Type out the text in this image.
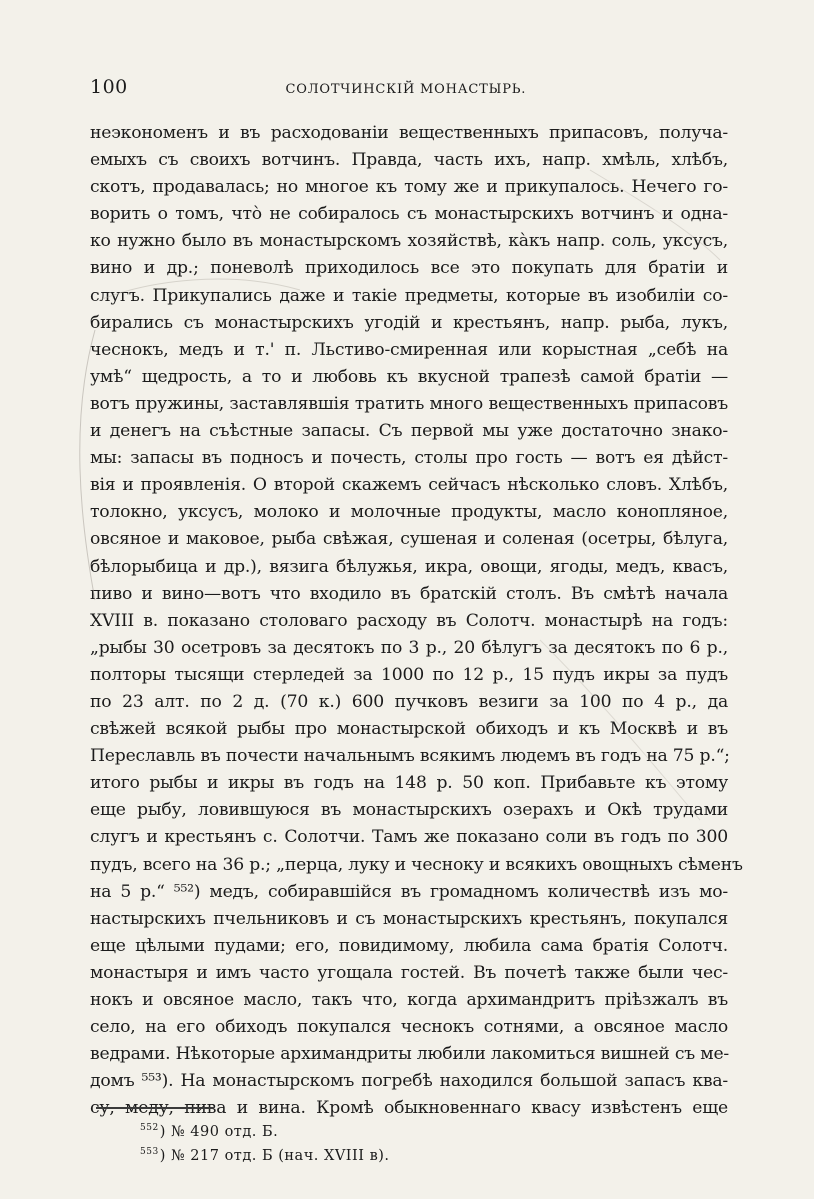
100	СОЛОТЧИНСКІЙ МОНАСТЫРЬ.
неэкономенъ и въ расходованіи вещественныхъ припасовъ, получа-
емыхъ съ своихъ вотчинъ. Правда, часть ихъ, напр. хмѣль, хлѣбъ,
скотъ, продавалась; но многое къ тому же и прикупалось. Нечего го-
ворить о томъ, что̀ не собиралось съ монастырскихъ вотчинъ и одна-
ко нужно было въ монастырскомъ хозяйствѣ, ка̀къ напр. соль, уксусъ,
вино и др.; поневолѣ приходилось все это покупать для братіи и
слугъ. Прикупались даже и такіе предметы, которые въ изобиліи со-
бирались съ монастырскихъ угодій и крестьянъ, напр. рыба, лукъ,
чеснокъ, медъ и т.' п. Льстиво-смиренная или корыстная „себѣ на
умѣ“ щедрость, а то и любовь къ вкусной трапезѣ самой братіи —
вотъ пружины, заставлявшія тратить много вещественныхъ припасовъ
и денегъ на съѣстные запасы. Съ первой мы уже достаточно знако-
мы: запасы въ подносъ и почесть, столы про гость — вотъ ея дѣйст-
вія и проявленія. О второй скажемъ сейчасъ нѣсколько словъ. Хлѣбъ,
толокно, уксусъ, молоко и молочные продукты, масло конопляное,
овсяное и маковое, рыба свѣжая, сушеная и соленая (осетры, бѣлуга,
бѣлорыбица и др.), вязига бѣлужья, икра, овощи, ягоды, медъ, квасъ,
пиво и вино—вотъ что входило въ братскій столъ. Въ смѣтѣ начала
XVIII в. показано столоваго расходу въ Солотч. монастырѣ на годъ:
„рыбы 30 осетровъ за десятокъ по 3 р., 20 бѣлугъ за десятокъ по 6 р.,
полторы тысящи стерледей за 1000 по 12 р., 15 пудъ икры за пудъ
по 23 алт. по 2 д. (70 к.) 600 пучковъ везиги за 100 по 4 р., да
свѣжей всякой рыбы про монастырской обиходъ и къ Москвѣ и въ
Переславль въ почести начальнымъ всякимъ людемъ въ годъ на 75 р.“;
итого рыбы и икры въ годъ на 148 р. 50 коп. Прибавьте къ этому
еще рыбу, ловившуюся въ монастырскихъ озерахъ и Окѣ трудами
слугъ и крестьянъ с. Солотчи. Тамъ же показано соли въ годъ по 300
пудъ, всего на 36 р.; „перца, луку и чесноку и всякихъ овощныхъ сѣменъ
на 5 р.“ ⁵⁵²) медъ, собиравшійся въ громадномъ количествѣ изъ мо-
настырскихъ пчельниковъ и съ монастырскихъ крестьянъ, покупался
еще цѣлыми пудами; его, повидимому, любила сама братія Солотч.
монастыря и имъ часто угощала гостей. Въ почетѣ также были чес-
нокъ и овсяное масло, такъ что, когда архимандритъ пріѣзжалъ въ
село, на его обиходъ покупался чеснокъ сотнями, а овсяное масло
ведрами. Нѣкоторые архимандриты любили лакомиться вишней съ ме-
домъ ⁵⁵³). На монастырскомъ погребѣ находился большой запасъ ква-
су, меду, пива и вина. Кромѣ обыкновеннаго квасу извѣстенъ еще
$^{552}$) № 490 отд. Б.
$^{553}$) № 217 отд. Б (нач. XVIII в).
